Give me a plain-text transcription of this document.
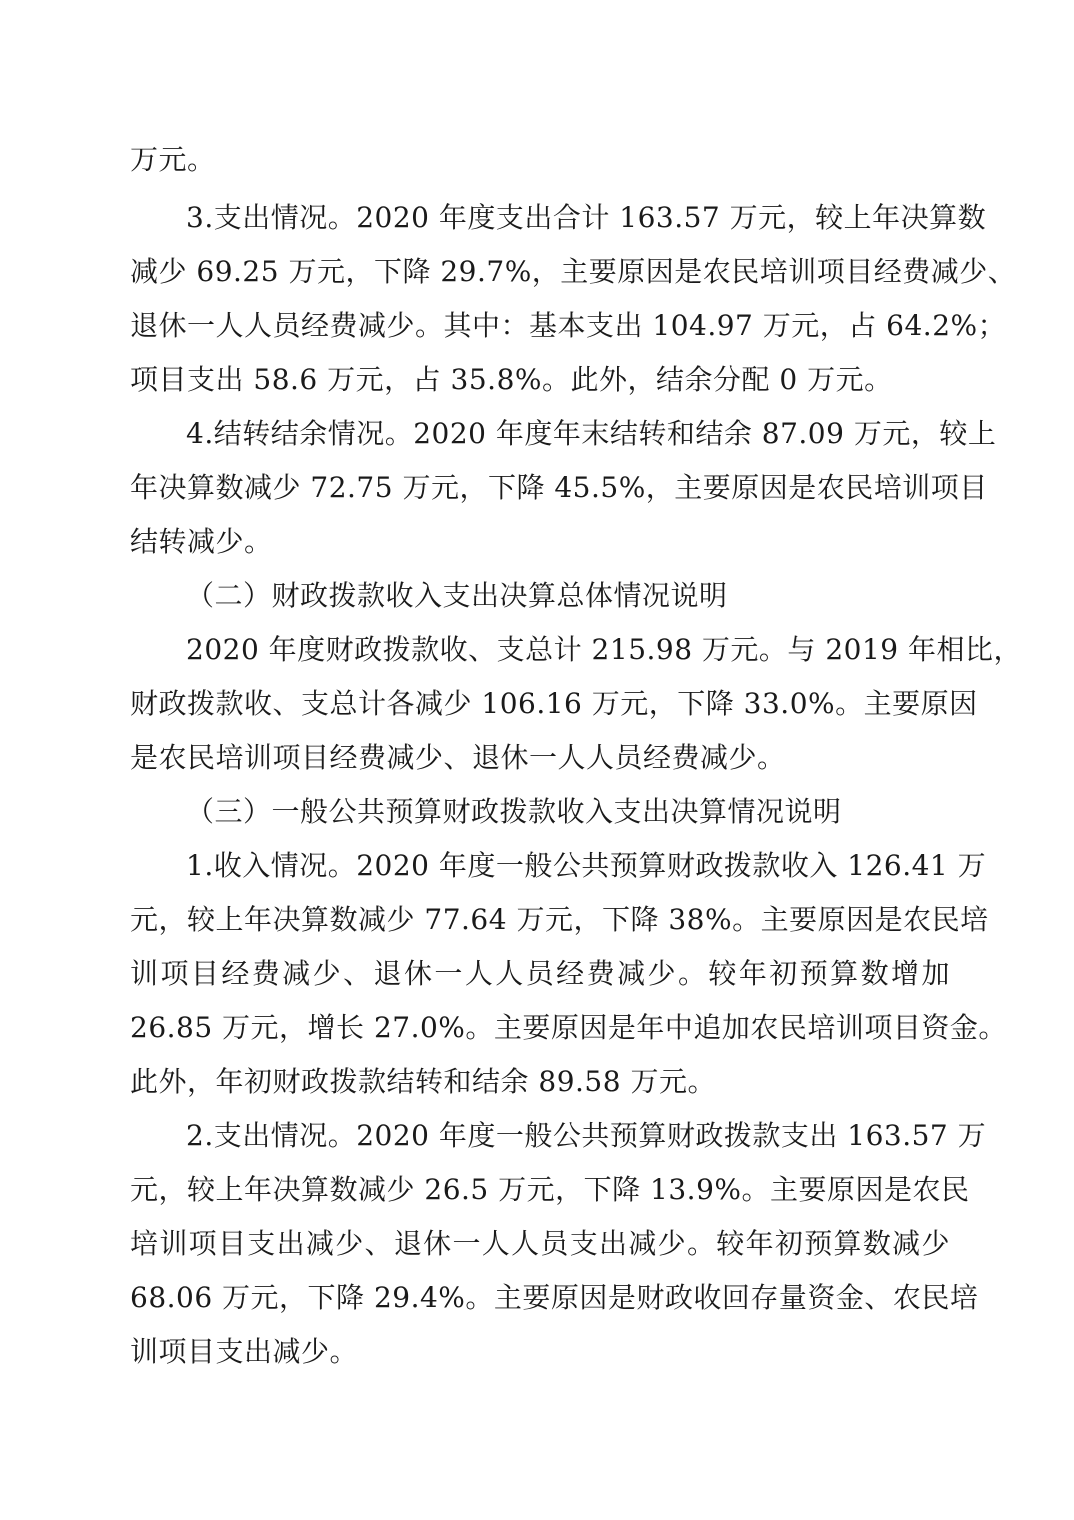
万元。
3.支出情况。2020 年度支出合计 163.57 万元，较上年决算数
减少 69.25 万元，下降 29.7%，主要原因是农民培训项目经费减少、
退休一人人员经费减少。其中：基本支出 104.97 万元，占 64.2%；
项目支出 58.6 万元，占 35.8%。此外，结余分配 0 万元。
4.结转结余情况。2020 年度年末结转和结余 87.09 万元，较上
年决算数减少 72.75 万元，下降 45.5%，主要原因是农民培训项目
结转减少。
（二）财政拨款收入支出决算总体情况说明
2020 年度财政拨款收、支总计 215.98 万元。与 2019 年相比，
财政拨款收、支总计各减少 106.16 万元，下降 33.0%。主要原因
是农民培训项目经费减少、退休一人人员经费减少。
（三）一般公共预算财政拨款收入支出决算情况说明
1.收入情况。2020 年度一般公共预算财政拨款收入 126.41 万
元，较上年决算数减少 77.64 万元，下降 38%。主要原因是农民培
训项目经费减少、退休一人人员经费减少。较年初预算数增加
26.85 万元，增长 27.0%。主要原因是年中追加农民培训项目资金。
此外，年初财政拨款结转和结余 89.58 万元。
2.支出情况。2020 年度一般公共预算财政拨款支出 163.57 万
元，较上年决算数减少 26.5 万元，下降 13.9%。主要原因是农民
培训项目支出减少、退休一人人员支出减少。较年初预算数减少
68.06 万元，下降 29.4%。主要原因是财政收回存量资金、农民培
训项目支出减少。
